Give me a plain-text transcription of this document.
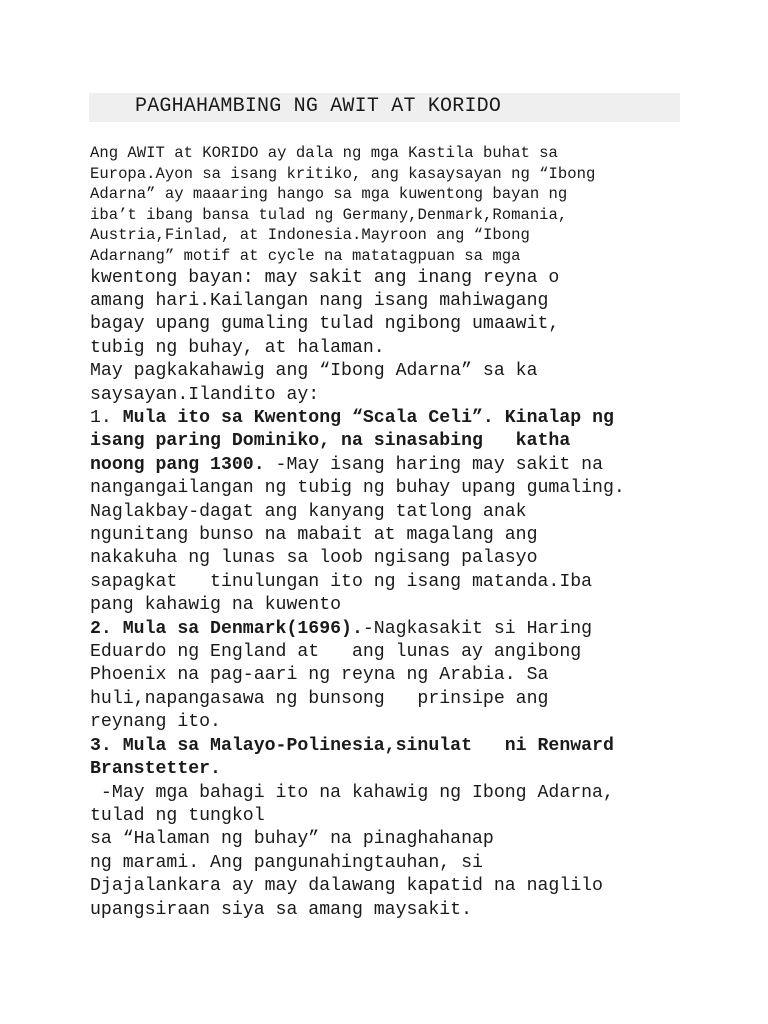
PAGHAHAMBING NG AWIT AT KORIDO
Ang AWIT at KORIDO ay dala ng mga Kastila buhat sa
Europa.Ayon sa isang kritiko, ang kasaysayan ng “Ibong
Adarna” ay maaaring hango sa mga kuwentong bayan ng
iba’t ibang bansa tulad ng Germany,Denmark,Romania,
Austria,Finlad, at Indonesia.Mayroon ang “Ibong
Adarnang” motif at cycle na matatagpuan sa mga
kwentong bayan: may sakit ang inang reyna o
amang hari.Kailangan nang isang mahiwagang
bagay upang gumaling tulad ngibong umaawit,
tubig ng buhay, at halaman.
May pagkakahawig ang “Ibong Adarna” sa ka
saysayan.Ilandito ay:
1. Mula ito sa Kwentong “Scala Celi”. Kinalap ng
isang paring Dominiko, na sinasabing   katha
noong pang 1300. -May isang haring may sakit na
nangangailangan ng tubig ng buhay upang gumaling.
Naglakbay-dagat ang kanyang tatlong anak
ngunitang bunso na mabait at magalang ang
nakakuha ng lunas sa loob ngisang palasyo
sapagkat   tinulungan ito ng isang matanda.Iba
pang kahawig na kuwento
2. Mula sa Denmark(1696).-Nagkasakit si Haring
Eduardo ng England at   ang lunas ay angibong
Phoenix na pag-aari ng reyna ng Arabia. Sa
huli,napangasawa ng bunsong   prinsipe ang
reynang ito.
3. Mula sa Malayo-Polinesia,sinulat   ni Renward
Branstetter.
-May mga bahagi ito na kahawig ng Ibong Adarna,
tulad ng tungkol
sa “Halaman ng buhay” na pinaghahanap
ng marami. Ang pangunahingtauhan, si
Djajalankara ay may dalawang kapatid na naglilo
upangsiraan siya sa amang maysakit.
